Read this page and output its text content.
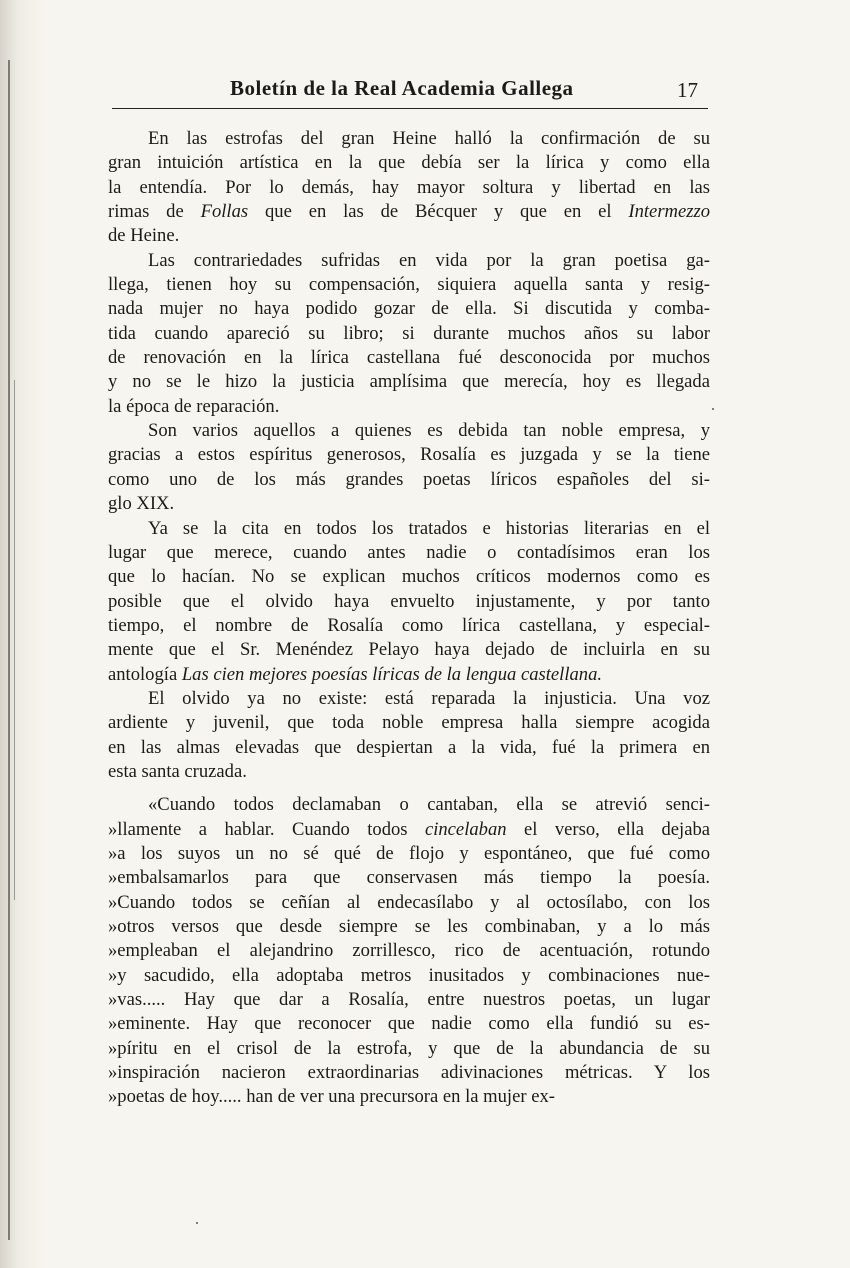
Boletín de la Real Academia Gallega	17

En las estrofas del gran Heine halló la confirmación de su
gran intuición artística en la que debía ser la lírica y como ella
la entendía. Por lo demás, hay mayor soltura y libertad en las
rimas de Follas que en las de Bécquer y que en el Intermezzo
de Heine.

Las contrariedades sufridas en vida por la gran poetisa ga-
llega, tienen hoy su compensación, siquiera aquella santa y resig-
nada mujer no haya podido gozar de ella. Si discutida y comba-
tida cuando apareció su libro; si durante muchos años su labor
de renovación en la lírica castellana fué desconocida por muchos
y no se le hizo la justicia amplísima que merecía, hoy es llegada
la época de reparación.

Son varios aquellos a quienes es debida tan noble empresa, y
gracias a estos espíritus generosos, Rosalía es juzgada y se la tiene
como uno de los más grandes poetas líricos españoles del si-
glo XIX.

Ya se la cita en todos los tratados e historias literarias en el
lugar que merece, cuando antes nadie o contadísimos eran los
que lo hacían. No se explican muchos críticos modernos como es
posible que el olvido haya envuelto injustamente, y por tanto
tiempo, el nombre de Rosalía como lírica castellana, y especial-
mente que el Sr. Menéndez Pelayo haya dejado de incluirla en su
antología Las cien mejores poesías líricas de la lengua castellana.

El olvido ya no existe: está reparada la injusticia. Una voz
ardiente y juvenil, que toda noble empresa halla siempre acogida
en las almas elevadas que despiertan a la vida, fué la primera en
esta santa cruzada.

«Cuando todos declamaban o cantaban, ella se atrevió senci-
»llamente a hablar. Cuando todos cincelaban el verso, ella dejaba
»a los suyos un no sé qué de flojo y espontáneo, que fué como
»embalsamarlos para que conservasen más tiempo la poesía.
»Cuando todos se ceñían al endecasílabo y al octosílabo, con los
»otros versos que desde siempre se les combinaban, y a lo más
»empleaban el alejandrino zorrillesco, rico de acentuación, rotundo
»y sacudido, ella adoptaba metros inusitados y combinaciones nue-
»vas..... Hay que dar a Rosalía, entre nuestros poetas, un lugar
»eminente. Hay que reconocer que nadie como ella fundió su es-
»píritu en el crisol de la estrofa, y que de la abundancia de su
»inspiración nacieron extraordinarias adivinaciones métricas. Y los
»poetas de hoy..... han de ver una precursora en la mujer ex-
